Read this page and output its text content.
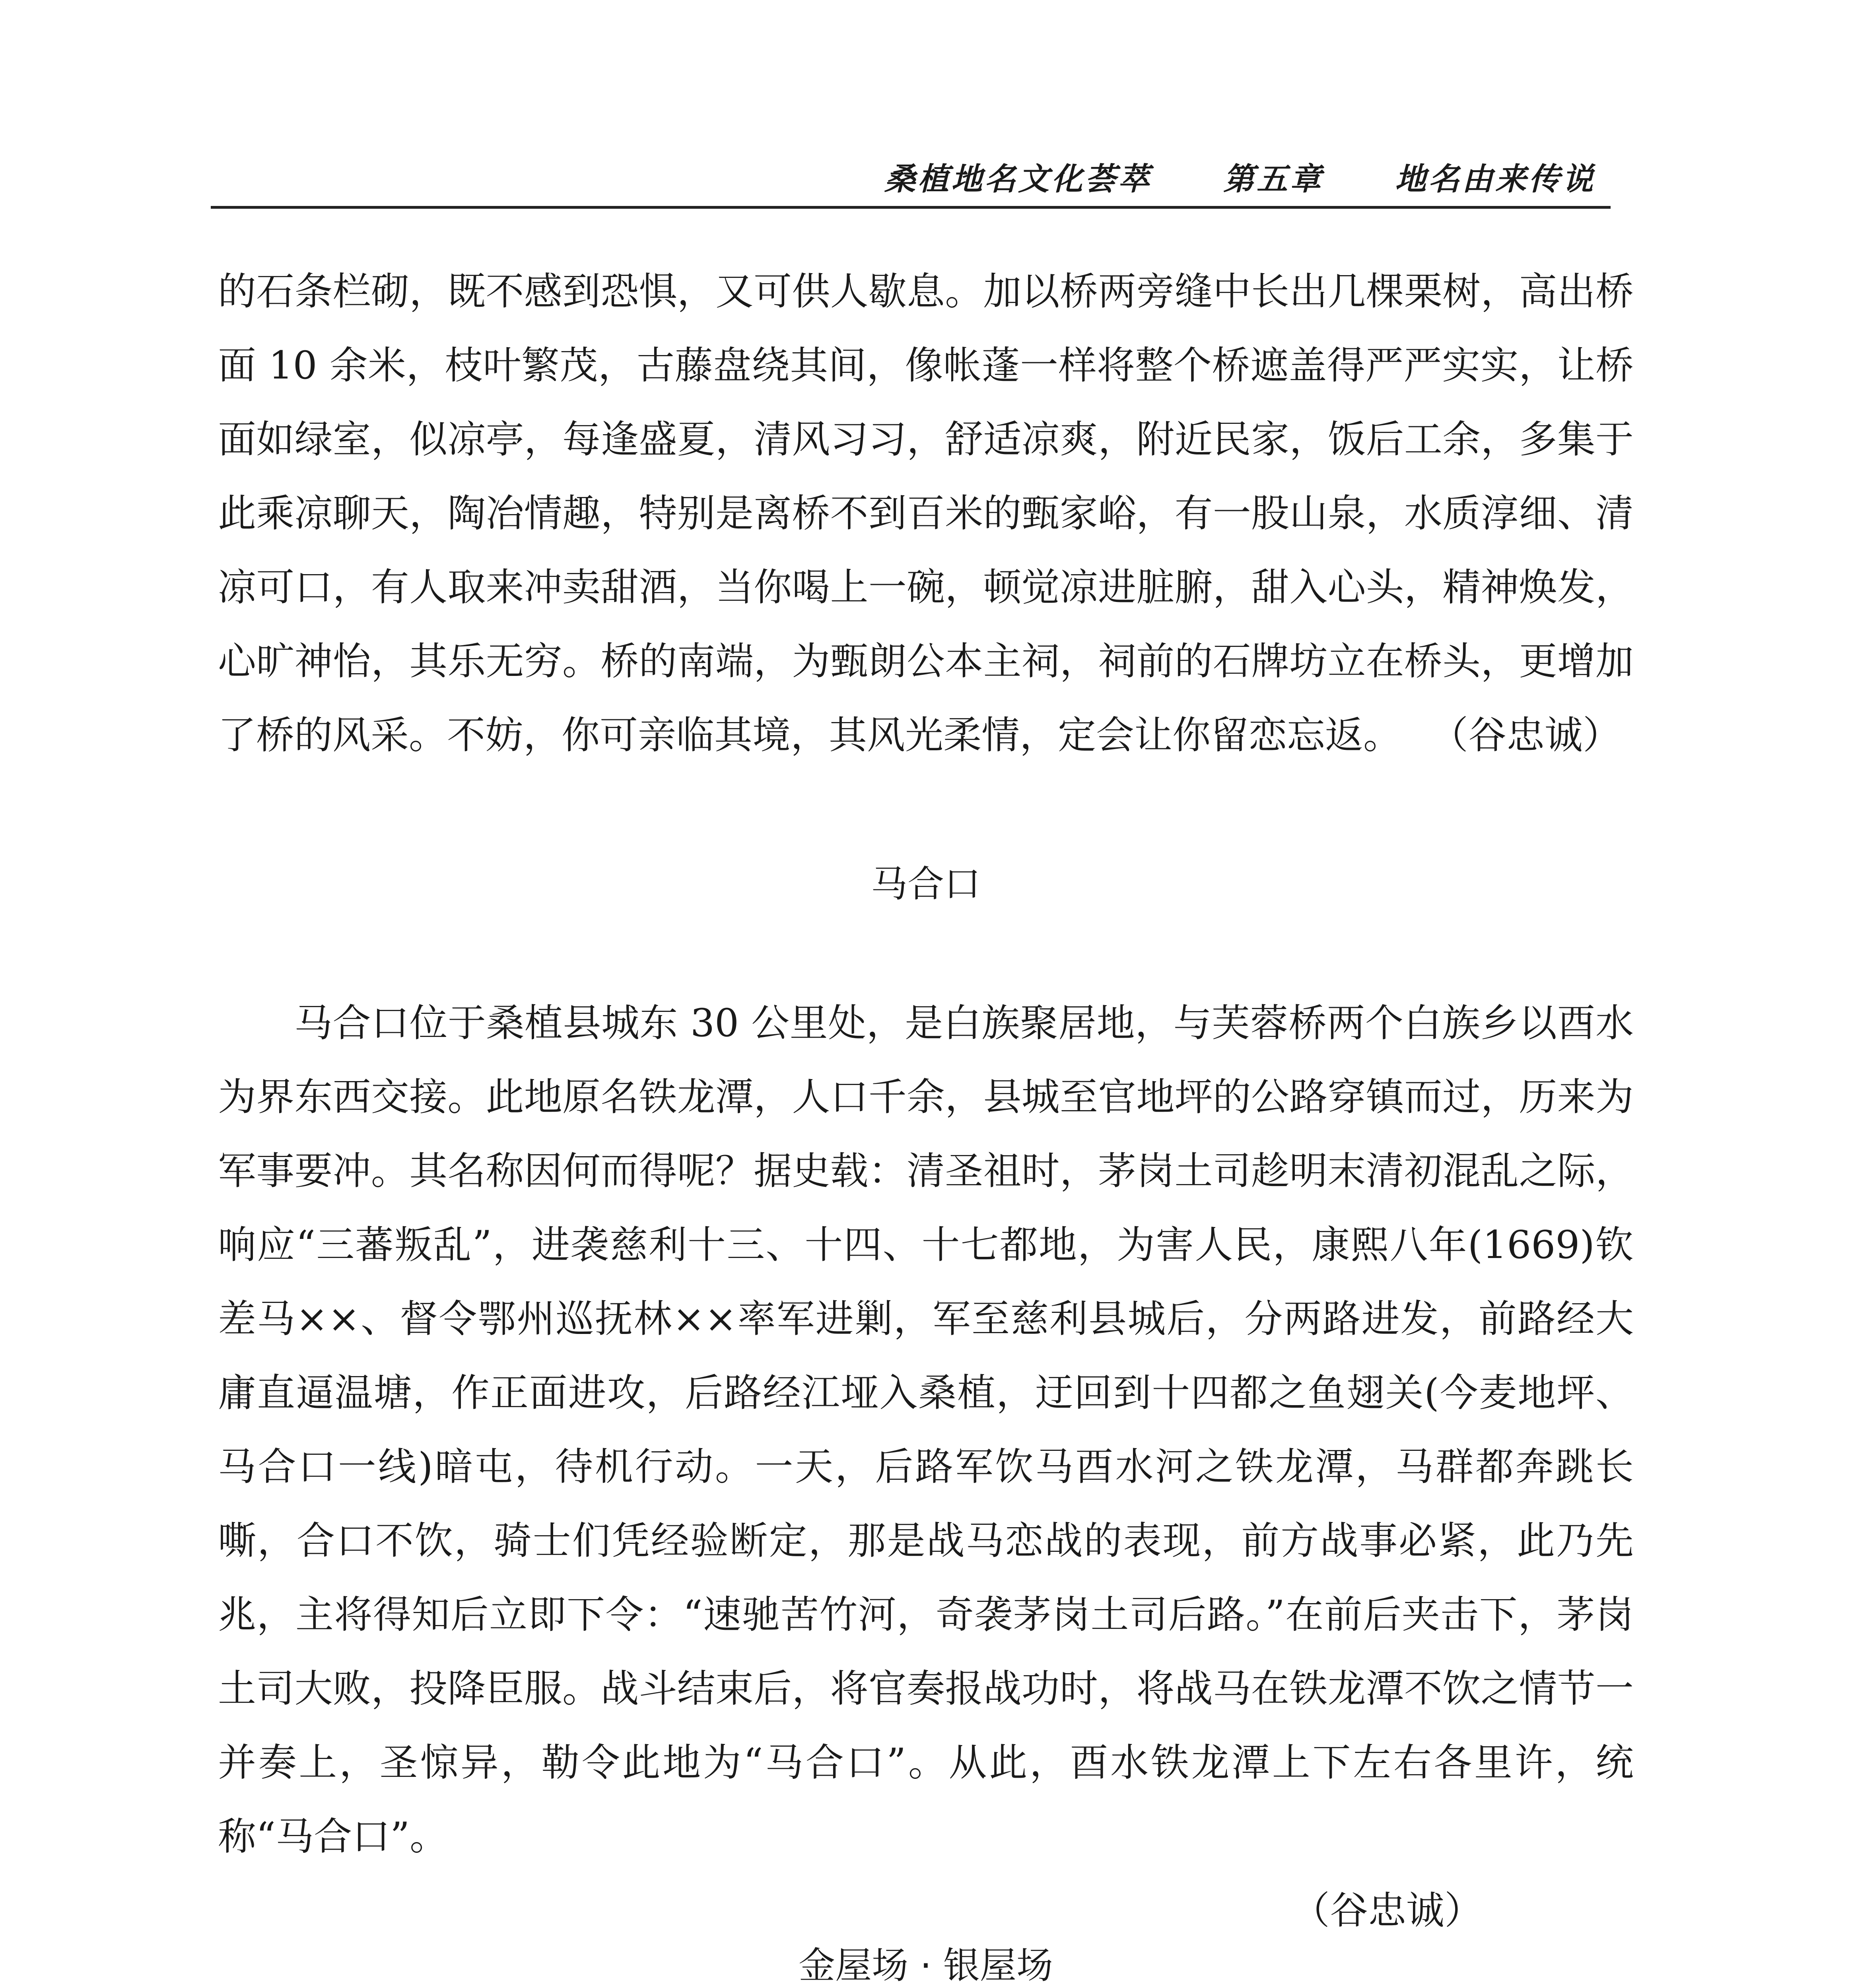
桑植地名文化荟萃 第五章 地名由来传说

的石条栏砌，既不感到恐惧，又可供人歇息。加以桥两旁缝中长出几棵栗树，高出桥面 10 余米，枝叶繁茂，古藤盘绕其间，像帐蓬一样将整个桥遮盖得严严实实，让桥面如绿室，似凉亭，每逢盛夏，清风习习，舒适凉爽，附近民家，饭后工余，多集于此乘凉聊天，陶冶情趣，特别是离桥不到百米的甄家峪，有一股山泉，水质淳细、清凉可口，有人取来冲卖甜酒，当你喝上一碗，顿觉凉进脏腑，甜入心头，精神焕发，心旷神怡，其乐无穷。桥的南端，为甄朗公本主祠，祠前的石牌坊立在桥头，更增加了桥的风采。不妨，你可亲临其境，其风光柔情，定会让你留恋忘返。 （谷忠诚）

马合口

马合口位于桑植县城东 30 公里处，是白族聚居地，与芙蓉桥两个白族乡以酉水为界东西交接。此地原名铁龙潭，人口千余，县城至官地坪的公路穿镇而过，历来为军事要冲。其名称因何而得呢？据史载：清圣祖时，茅岗土司趁明末清初混乱之际，响应“三蕃叛乱”，进袭慈利十三、十四、十七都地，为害人民，康熙八年(1669)钦差马××、督令鄂州巡抚林××率军进剿，军至慈利县城后，分两路进发，前路经大庸直逼温塘，作正面进攻，后路经江垭入桑植，迂回到十四都之鱼翅关(今麦地坪、马合口一线)暗屯，待机行动。一天，后路军饮马酉水河之铁龙潭，马群都奔跳长嘶，合口不饮，骑士们凭经验断定，那是战马恋战的表现，前方战事必紧，此乃先兆，主将得知后立即下令：“速驰苦竹河，奇袭茅岗土司后路。”在前后夹击下，茅岗土司大败，投降臣服。战斗结束后，将官奏报战功时，将战马在铁龙潭不饮之情节一并奏上，圣惊异，勒令此地为“马合口”。从此，酉水铁龙潭上下左右各里许，统称“马合口”。

（谷忠诚）

金屋场 · 银屋场
